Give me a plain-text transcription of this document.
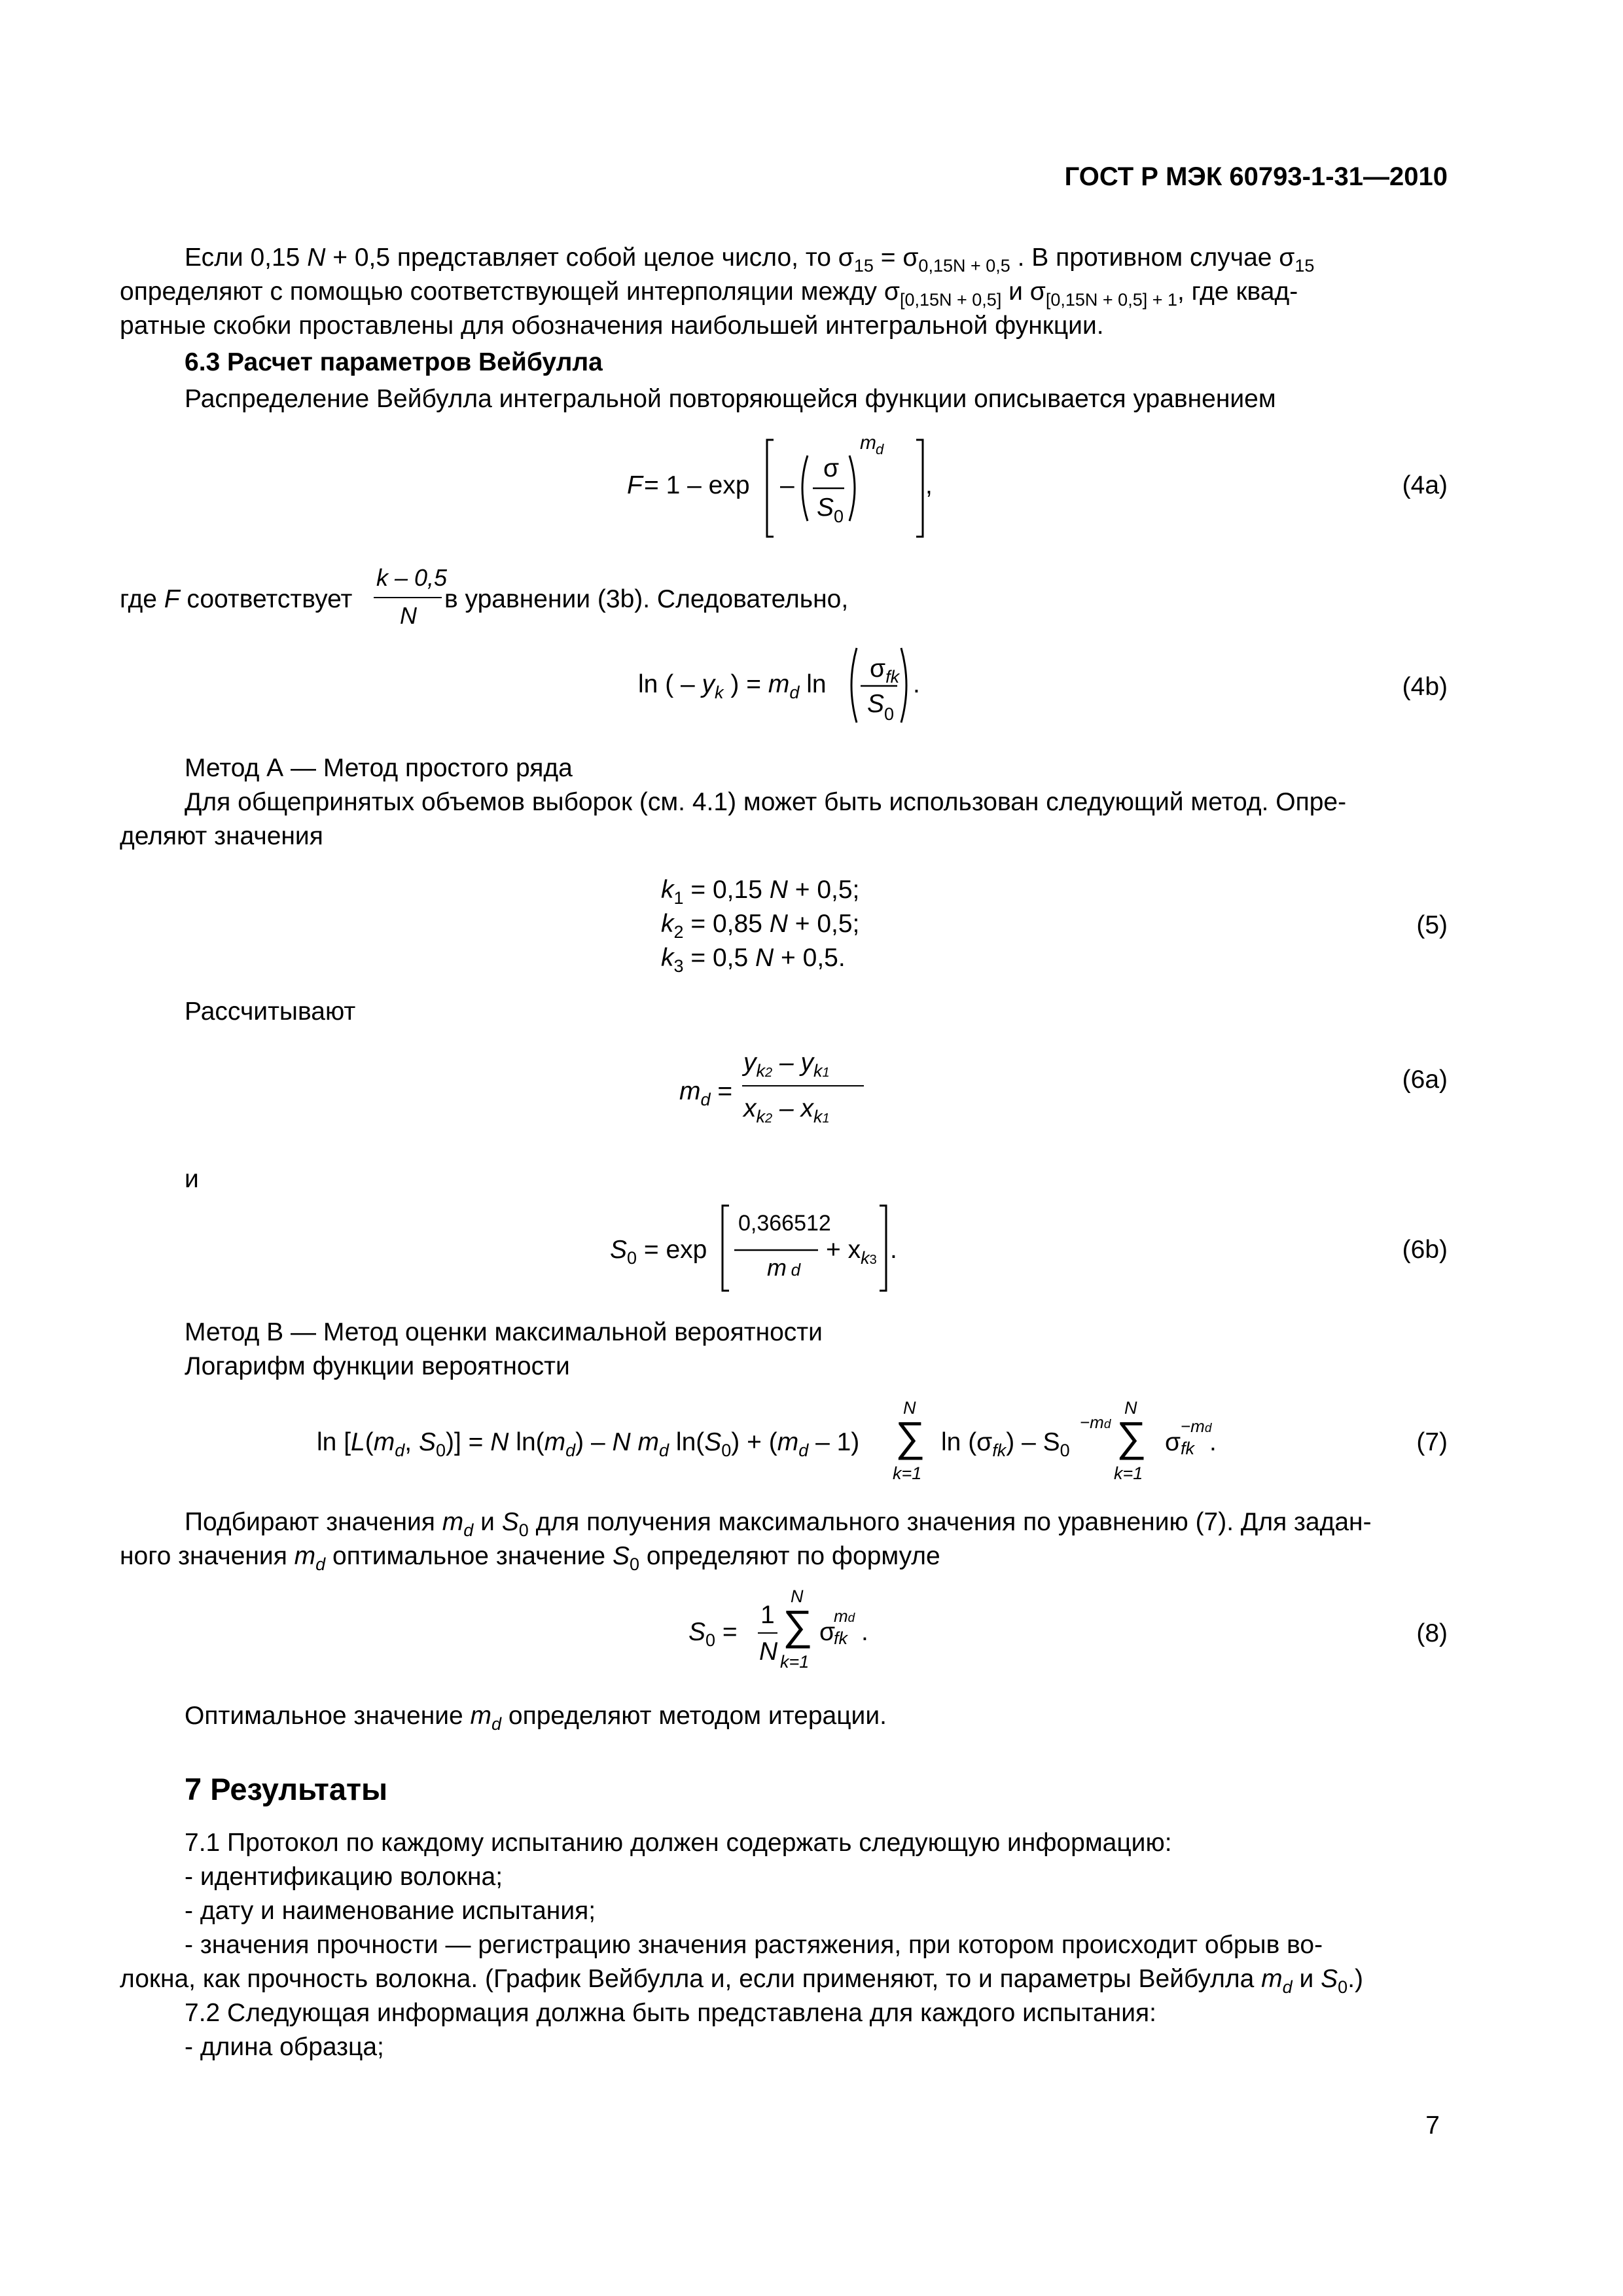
ГОСТ Р МЭК 60793-1-31—2010
Если 0,15 N + 0,5 представляет собой целое число, то $\sigma_{15} = \sigma_{0,15N + 0,5}$ . В противном случае $\sigma_{15}$
определяют с помощью соответствующей интерполяции между $\sigma_{[0,15N + 0,5]}$ и $\sigma_{[0,15N + 0,5] + 1}$, где квад-
ратные скобки проставлены для обозначения наибольшей интегральной функции.
6.3 Расчет параметров Вейбулла
Распределение Вейбулла интегральной повторяющейся функции описывается уравнением
F = 1 – exp –
σ
S 0
m d
,	(4a)
где F соответствует
k – 0,5
N
в уравнении (3b). Следовательно,
ln ( – $y_k$ ) = $m_d$ ln
$\sigma_{fk}$
S 0
.	(4b)
Метод А — Метод простого ряда
Для общепринятых объемов выборок (см. 4.1) может быть использован следующий метод. Опре-
деляют значения
$k_1 = 0,15$ N + 0,5;
$k_2 = 0,85$ N + 0,5;
$k_3 = 0,5$ N + 0,5.
(5)
Рассчитывают
$m_d$ =
$y_{k2} - y_{k1}$
$x_{k2} - x_{k1}$
(6a)
и
$S_0 = \exp$
0,366512
m d
+ $x_{k3}$ .	(6b)
Метод В — Метод оценки максимальной вероятности
Логарифм функции вероятности
$\ln [L(m_d$, $S_0)] = N$ $\ln(m_d)$ – N $m_d$ $\ln(S_0) + (m_d - 1)$
N
∑
k=1
$\ln (\sigma_{fk}) - S_0$
−md
N
∑
k=1
σ
−md
fk .	(7)
Подбирают значения $m_d$ и $S_0$ для получения максимального значения по уравнению (7). Для задан-
ного значения $m_d$ оптимальное значение $S_0$ определяют по формуле
$S_0$ =
1
N
N
∑
k=1
σ
md
fk .	(8)
Оптимальное значение $m_d$ определяют методом итерации.
7 Результаты
7.1 Протокол по каждому испытанию должен содержать следующую информацию:
- идентификацию волокна;
- дату и наименование испытания;
- значения прочности — регистрацию значения растяжения, при котором происходит обрыв во-
локна, как прочность волокна. (График Вейбулла и, если применяют, то и параметры Вейбулла $m_d$ и $S_0$.)
7.2 Следующая информация должна быть представлена для каждого испытания:
- длина образца;
7
